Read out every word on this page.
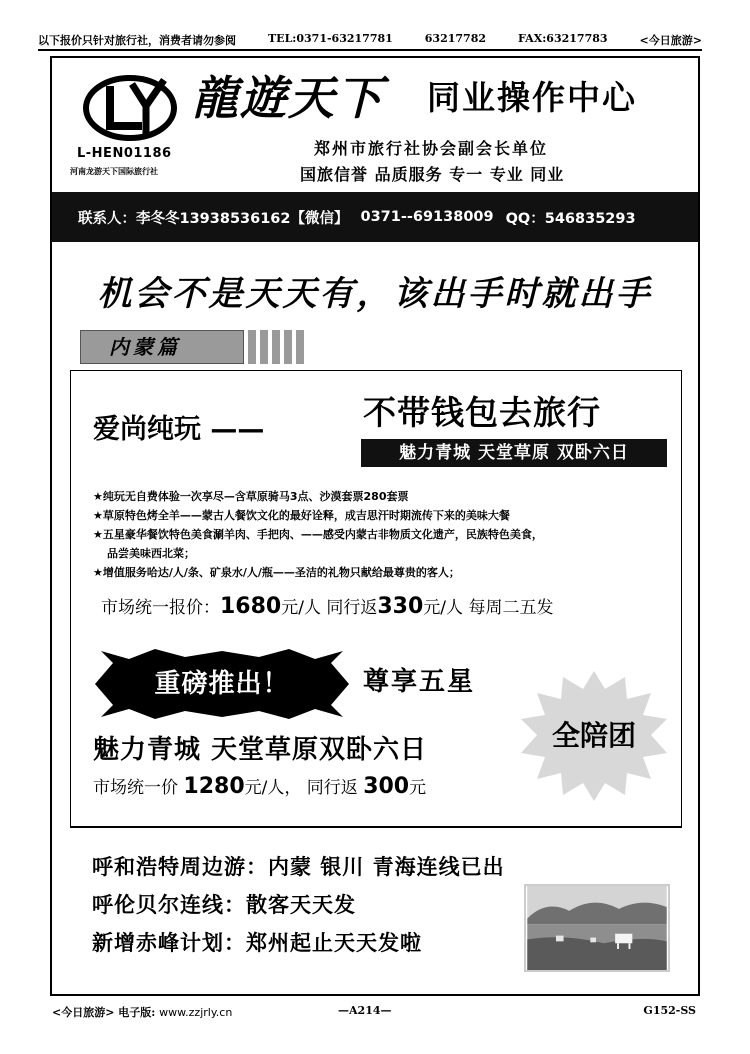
以下报价只针对旅行社，消费者请勿参阅	TEL:0371-63217781	63217782	FAX:63217783	<今日旅游>
L-HEN01186
河南龙游天下国际旅行社
龍遊天下 同业操作中心
郑州市旅行社协会副会长单位
国旅信誉 品质服务 专一 专业 同业
联系人：李冬冬13938536162【微信】 0371--69138009 QQ：546835293
机会不是天天有，该出手时就出手
内蒙篇
爱尚纯玩 ——	不带钱包去旅行
魅力青城 天堂草原 双卧六日
★纯玩无自费体验一次享尽—含草原骑马3点、沙漠套票280套票
★草原特色烤全羊——蒙古人餐饮文化的最好诠释，成吉思汗时期流传下来的美味大餐
★五星豪华餐饮特色美食涮羊肉、手把肉、——感受内蒙古非物质文化遗产，民族特色美食，
品尝美味西北菜；
★增值服务哈达/人/条、矿泉水/人/瓶——圣洁的礼物只献给最尊贵的客人；
市场统一报价：1680元/人 同行返330元/人 每周二五发
重磅推出！	尊享五星
全陪团
魅力青城 天堂草原双卧六日
市场统一价 1280元/人， 同行返 300元
呼和浩特周边游：内蒙 银川 青海连线已出
呼伦贝尔连线：散客天天发
新增赤峰计划：郑州起止天天发啦
<今日旅游> 电子版: www.zzjrly.cn	—A214—	G152-SS
